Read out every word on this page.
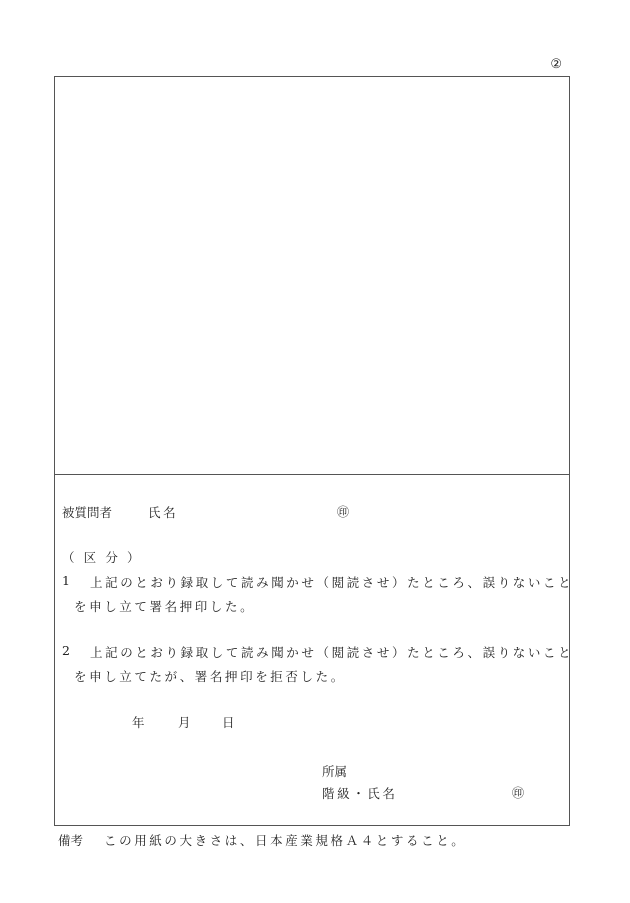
②
被質問者	氏名	㊞
（ 区 分 ）
1 上記のとおり録取して読み聞かせ（閲読させ）たところ、誤りないこと
を申し立て署名押印した。
2 上記のとおり録取して読み聞かせ（閲読させ）たところ、誤りないこと
を申し立てたが、署名押印を拒否した。
年	月	日
所属
階級・氏名	㊞
備考 この用紙の大きさは、日本産業規格Ａ４とすること。
